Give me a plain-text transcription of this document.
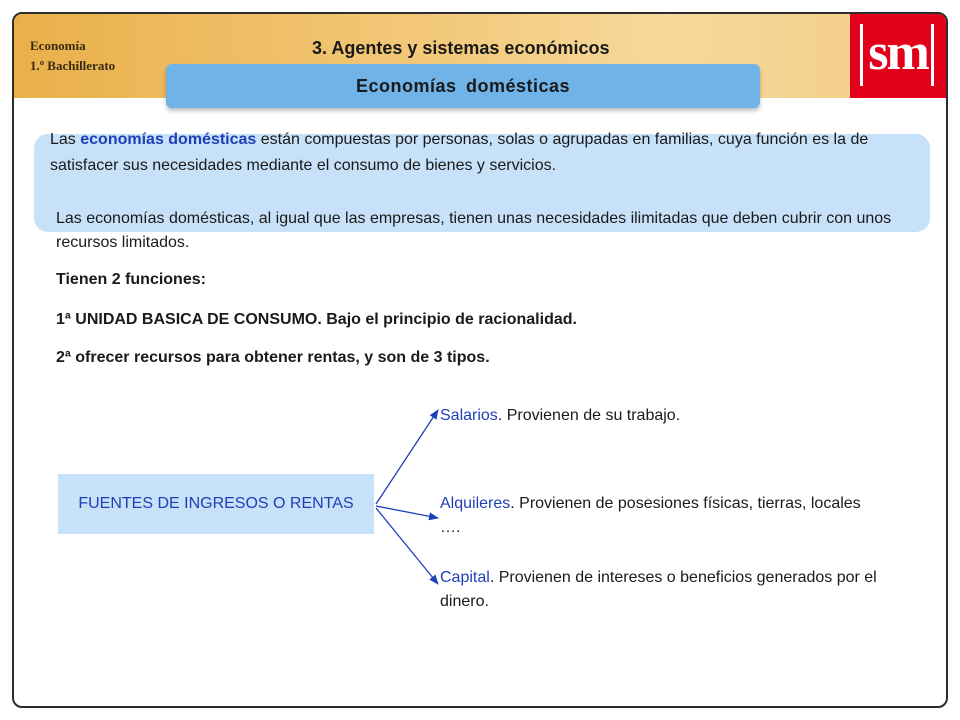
Economía
1.º Bachillerato
3. Agentes y sistemas económicos	sm
Economías domésticas
Las economías domésticas están compuestas por personas, solas o agrupadas en familias, cuya función es la de satisfacer sus necesidades mediante el consumo de bienes y servicios.
Las economías domésticas, al igual que las empresas, tienen unas necesidades ilimitadas que deben cubrir con unos recursos limitados.
Tienen 2 funciones:
1ª UNIDAD BASICA DE CONSUMO. Bajo el principio de racionalidad.
2ª ofrecer recursos para obtener rentas, y son de 3 tipos.
FUENTES DE INGRESOS O RENTAS
Salarios. Provienen de su trabajo.
Alquileres. Provienen de posesiones físicas, tierras, locales ….
Capital. Provienen de intereses o beneficios generados por el dinero.
